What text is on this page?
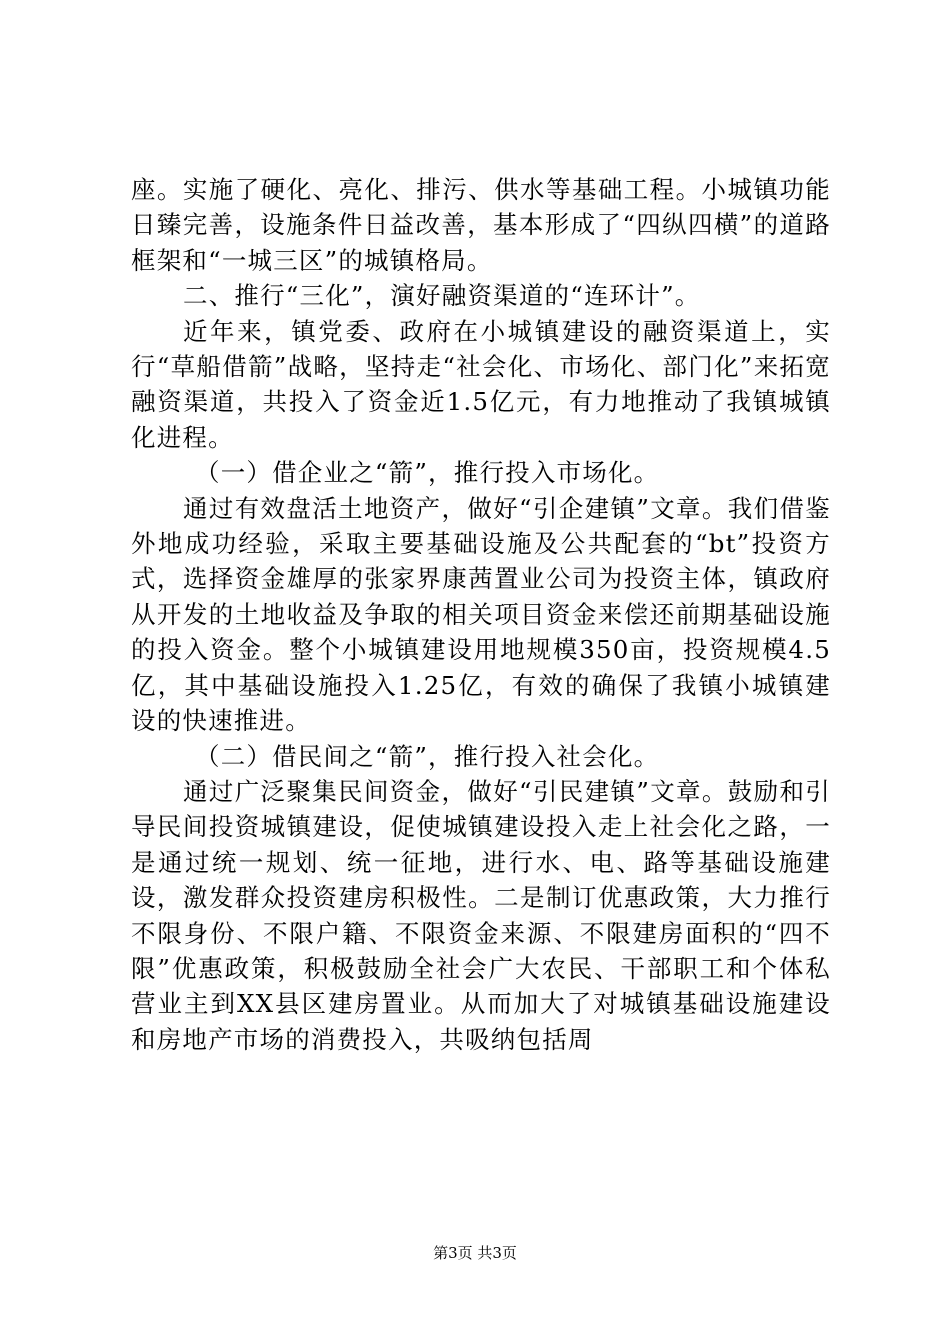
座。实施了硬化、亮化、排污、供水等基础工程。小城镇功能日臻完善，设施条件日益改善，基本形成了“四纵四横”的道路框架和“一城三区”的城镇格局。

二、推行“三化”，演好融资渠道的“连环计”。

近年来，镇党委、政府在小城镇建设的融资渠道上，实行“草船借箭”战略，坚持走“社会化、市场化、部门化”来拓宽融资渠道，共投入了资金近1.5亿元，有力地推动了我镇城镇化进程。

（一）借企业之“箭”，推行投入市场化。

通过有效盘活土地资产，做好“引企建镇”文章。我们借鉴外地成功经验，采取主要基础设施及公共配套的“bt”投资方式，选择资金雄厚的张家界康茜置业公司为投资主体，镇政府从开发的土地收益及争取的相关项目资金来偿还前期基础设施的投入资金。整个小城镇建设用地规模350亩，投资规模4.5亿，其中基础设施投入1.25亿，有效的确保了我镇小城镇建设的快速推进。

（二）借民间之“箭”，推行投入社会化。

通过广泛聚集民间资金，做好“引民建镇”文章。鼓励和引导民间投资城镇建设，促使城镇建设投入走上社会化之路，一是通过统一规划、统一征地，进行水、电、路等基础设施建设，激发群众投资建房积极性。二是制订优惠政策，大力推行不限身份、不限户籍、不限资金来源、不限建房面积的“四不限”优惠政策，积极鼓励全社会广大农民、干部职工和个体私营业主到XX县区建房置业。从而加大了对城镇基础设施建设和房地产市场的消费投入，共吸纳包括周

第3页 共3页
